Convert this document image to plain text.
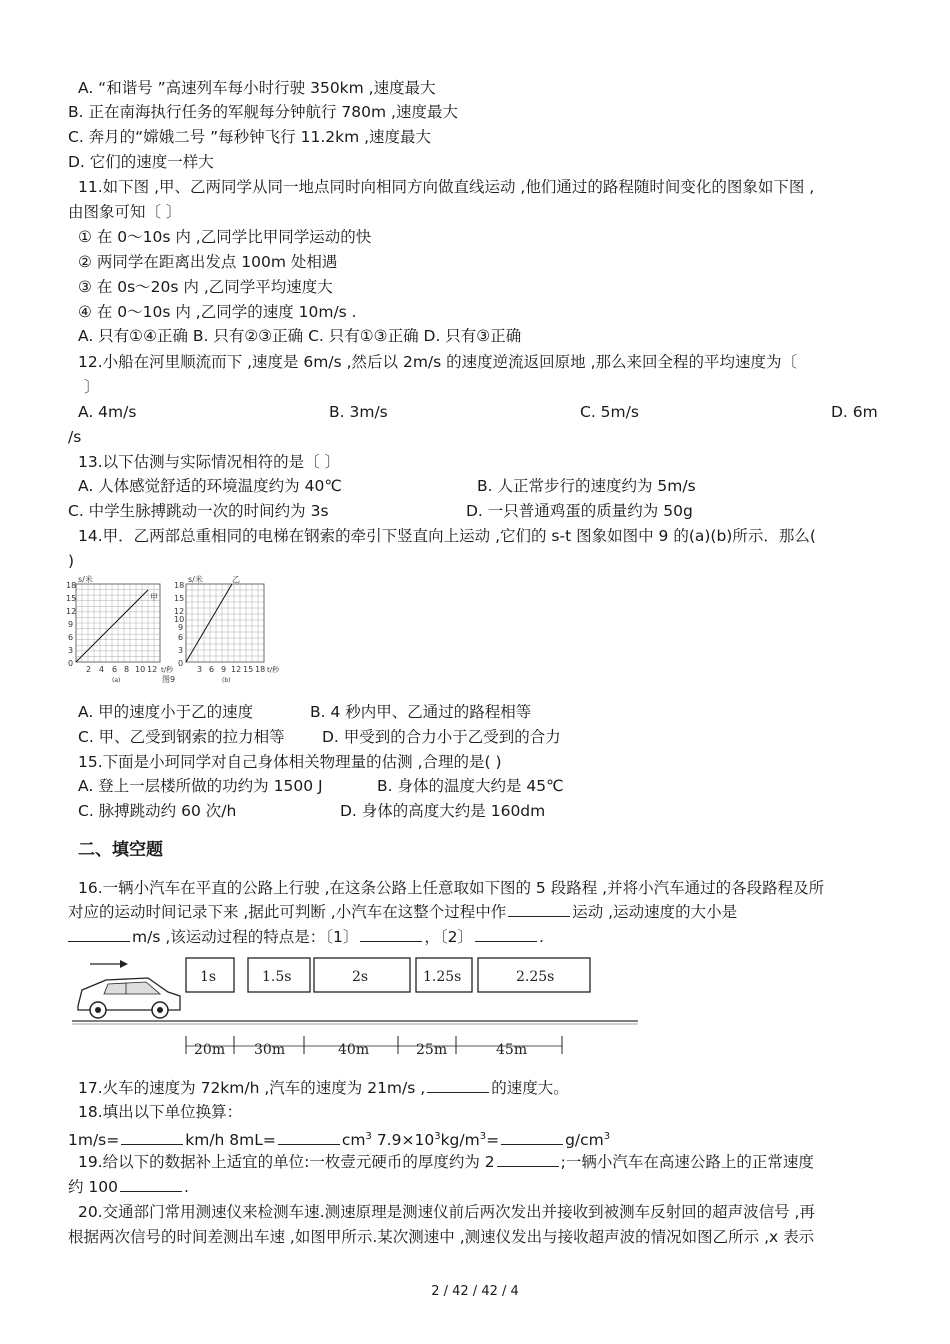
A. “和谐号 ”高速列车每小时行驶 350km ,速度最大
B. 正在南海执行任务的军舰每分钟航行 780m ,速度最大
C. 奔月的“嫦娥二号 ”每秒钟飞行 11.2km ,速度最大
D. 它们的速度一样大
11.如下图 ,甲、乙两同学从同一地点同时向相同方向做直线运动 ,他们通过的路程随时间变化的图象如下图 ,
由图象可知〔 〕
① 在 0～10s 内 ,乙同学比甲同学运动的快
② 两同学在距离出发点 100m 处相遇
③ 在 0s～20s 内 ,乙同学平均速度大
④ 在 0～10s 内 ,乙同学的速度 10m/s .
A. 只有①④正确 B. 只有②③正确 C. 只有①③正确 D. 只有③正确
12.小船在河里顺流而下 ,速度是 6m/s ,然后以 2m/s 的速度逆流返回原地 ,那么来回全程的平均速度为〔
〕
A. 4m/s	B. 3m/s	C. 5m/s	D. 6m
/s
13.以下估测与实际情况相符的是〔 〕
A. 人体感觉舒适的环境温度约为 40℃	B. 人正常步行的速度约为 5m/s
C. 中学生脉搏跳动一次的时间约为 3s	D. 一只普通鸡蛋的质量约为 50g
14.甲．乙两部总重相同的电梯在钢索的牵引下竖直向上运动 ,它们的 s-t 图象如图中 9 的(a)(b)所示．那么(
)
甲
s/米
18
15
12
9
6
3
0
2 4 6 8 10 12 t/秒
(a)
乙
s/米
18
15
12
10
9
6
3
0
3 6 9 12 15 18 t/秒
(b)
图9
A. 甲的速度小于乙的速度	B. 4 秒内甲、乙通过的路程相等
C. 甲、乙受到钢索的拉力相等 D. 甲受到的合力小于乙受到的合力
15.下面是小珂同学对自己身体相关物理量的估测 ,合理的是( )
A. 登上一层楼所做的功约为 1500 J	B. 身体的温度大约是 45℃
C. 脉搏跳动约 60 次/h	D. 身体的高度大约是 160dm
二、填空题
16.一辆小汽车在平直的公路上行驶 ,在这条公路上任意取如下图的 5 段路程 ,并将小汽车通过的各段路程及所
对应的运动时间记录下来 ,据此可判断 ,小汽车在这整个过程中作	运动 ,运动速度的大小是
m/s ,该运动过程的特点是：〔1〕	，〔2〕	.
1s	1.5s	2s	1.25s	2.25s
20m 30m	40m	25m	45m
17.火车的速度为 72km/h ,汽车的速度为 21m/s ,	的速度大。
18.填出以下单位换算：
1m/s=	km/h 8mL=	$cm^3$ $7.9\times 10^3kg/m^3=$	$g/cm^3$
19.给以下的数据补上适宜的单位:一枚壹元硬币的厚度约为 2	;一辆小汽车在高速公路上的正常速度
约 100	.
20.交通部门常用测速仪来检测车速.测速原理是测速仪前后两次发出并接收到被测车反射回的超声波信号 ,再
根据两次信号的时间差测出车速 ,如图甲所示.某次测速中 ,测速仪发出与接收超声波的情况如图乙所示 ,x 表示
2 / 42 / 42 / 4
